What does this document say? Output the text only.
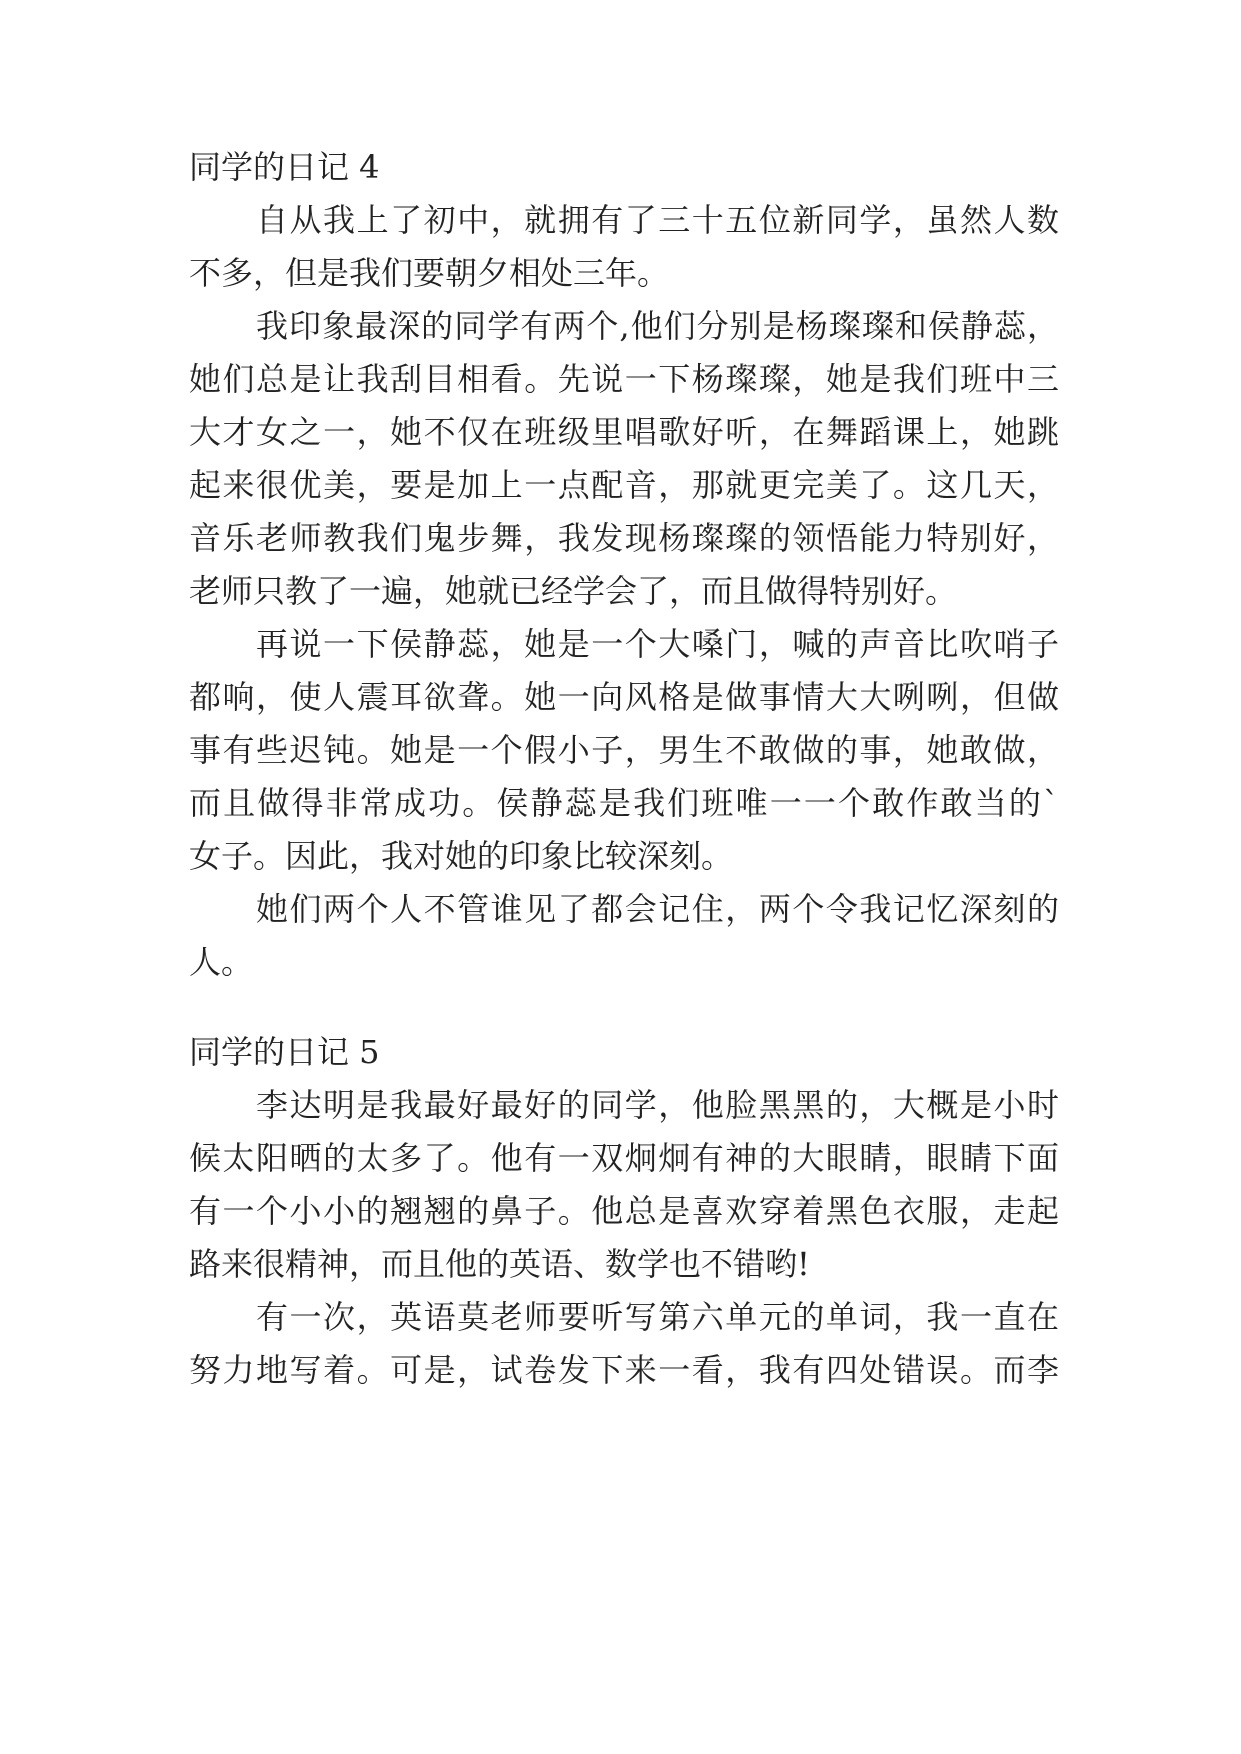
同学的日记 4
自从我上了初中，就拥有了三十五位新同学，虽然人数
不多，但是我们要朝夕相处三年。
我印象最深的同学有两个,他们分别是杨璨璨和侯静蕊，
她们总是让我刮目相看。先说一下杨璨璨，她是我们班中三
大才女之一，她不仅在班级里唱歌好听，在舞蹈课上，她跳
起来很优美，要是加上一点配音，那就更完美了。这几天，
音乐老师教我们鬼步舞，我发现杨璨璨的领悟能力特别好，
老师只教了一遍，她就已经学会了，而且做得特别好。
再说一下侯静蕊，她是一个大嗓门，喊的声音比吹哨子
都响，使人震耳欲聋。她一向风格是做事情大大咧咧，但做
事有些迟钝。她是一个假小子，男生不敢做的事，她敢做，
而且做得非常成功。侯静蕊是我们班唯一一个敢作敢当的`
女子。因此，我对她的印象比较深刻。
她们两个人不管谁见了都会记住，两个令我记忆深刻的
人。
同学的日记 5
李达明是我最好最好的同学，他脸黑黑的，大概是小时
候太阳晒的太多了。他有一双炯炯有神的大眼睛，眼睛下面
有一个小小的翘翘的鼻子。他总是喜欢穿着黑色衣服，走起
路来很精神，而且他的英语、数学也不错哟!
有一次，英语莫老师要听写第六单元的单词，我一直在
努力地写着。可是，试卷发下来一看，我有四处错误。而李
